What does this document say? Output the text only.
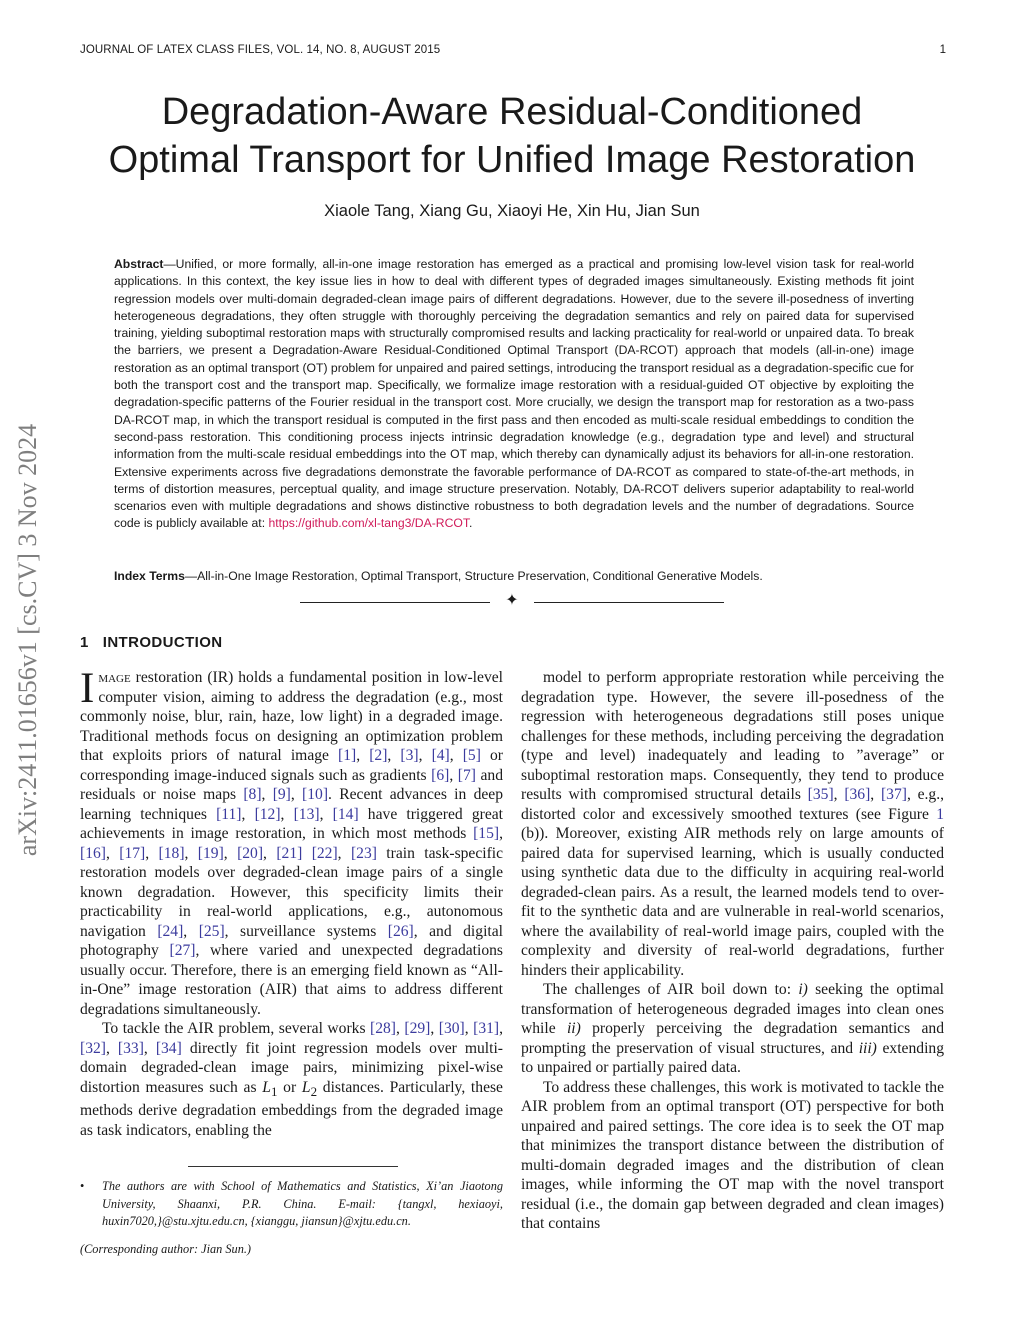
JOURNAL OF LATEX CLASS FILES, VOL. 14, NO. 8, AUGUST 2015	1
arXiv:2411.01656v1 [cs.CV] 3 Nov 2024
Degradation-Aware Residual-Conditioned
Optimal Transport for Unified Image Restoration
Xiaole Tang, Xiang Gu, Xiaoyi He, Xin Hu, Jian Sun

Abstract—Unified, or more formally, all-in-one image restoration has emerged as a practical and promising low-level vision task for real-world applications. In this context, the key issue lies in how to deal with different types of degraded images simultaneously. Existing methods fit joint regression models over multi-domain degraded-clean image pairs of different degradations. However, due to the severe ill-posedness of inverting heterogeneous degradations, they often struggle with thoroughly perceiving the degradation semantics and rely on paired data for supervised training, yielding suboptimal restoration maps with structurally compromised results and lacking practicality for real-world or unpaired data. To break the barriers, we present a Degradation-Aware Residual-Conditioned Optimal Transport (DA-RCOT) approach that models (all-in-one) image restoration as an optimal transport (OT) problem for unpaired and paired settings, introducing the transport residual as a degradation-specific cue for both the transport cost and the transport map. Specifically, we formalize image restoration with a residual-guided OT objective by exploiting the degradation-specific patterns of the Fourier residual in the transport cost. More crucially, we design the transport map for restoration as a two-pass DA-RCOT map, in which the transport residual is computed in the first pass and then encoded as multi-scale residual embeddings to condition the second-pass restoration. This conditioning process injects intrinsic degradation knowledge (e.g., degradation type and level) and structural information from the multi-scale residual embeddings into the OT map, which thereby can dynamically adjust its behaviors for all-in-one restoration. Extensive experiments across five degradations demonstrate the favorable performance of DA-RCOT as compared to state-of-the-art methods, in terms of distortion measures, perceptual quality, and image structure preservation. Notably, DA-RCOT delivers superior adaptability to real-world scenarios even with multiple degradations and shows distinctive robustness to both degradation levels and the number of degradations. Source code is publicly available at: https://github.com/xl-tang3/DA-RCOT.

Index Terms—All-in-One Image Restoration, Optimal Transport, Structure Preservation, Conditional Generative Models.

✦
1 INTRODUCTION

Image restoration (IR) holds a fundamental position in low-level computer vision, aiming to address the degradation (e.g., most commonly noise, blur, rain, haze, low light) in a degraded image. Traditional methods focus on designing an optimization problem that exploits priors of natural image [1], [2], [3], [4], [5] or corresponding image-induced signals such as gradients [6], [7] and residuals or noise maps [8], [9], [10]. Recent advances in deep learning techniques [11], [12], [13], [14] have triggered great achievements in image restoration, in which most methods [15], [16], [17], [18], [19], [20], [21] [22], [23] train task-specific restoration models over degraded-clean image pairs of a single known degradation. However, this specificity limits their practicability in real-world applications, e.g., autonomous navigation [24], [25], surveillance systems [26], and digital photography [27], where varied and unexpected degradations usually occur. Therefore, there is an emerging field known as “All-in-One” image restoration (AIR) that aims to address different degradations simultaneously.

To tackle the AIR problem, several works [28], [29], [30], [31], [32], [33], [34] directly fit joint regression models over multi-domain degraded-clean image pairs, minimizing pixel-wise distortion measures such as $L_1$ or $L_2$ distances. Particularly, these methods derive degradation embeddings from the degraded image as task indicators, enabling the

model to perform appropriate restoration while perceiving the degradation type. However, the severe ill-posedness of the regression with heterogeneous degradations still poses unique challenges for these methods, including perceiving the degradation (type and level) inadequately and leading to ”average” or suboptimal restoration maps. Consequently, they tend to produce results with compromised structural details [35], [36], [37], e.g., distorted color and excessively smoothed textures (see Figure 1 (b)). Moreover, existing AIR methods rely on large amounts of paired data for supervised learning, which is usually conducted using synthetic data due to the difficulty in acquiring real-world degraded-clean pairs. As a result, the learned models tend to over-fit to the synthetic data and are vulnerable in real-world scenarios, where the availability of real-world image pairs, coupled with the complexity and diversity of real-world degradations, further hinders their applicability.

The challenges of AIR boil down to: i) seeking the optimal transformation of heterogeneous degraded images into clean ones while ii) properly perceiving the degradation semantics and prompting the preservation of visual structures, and iii) extending to unpaired or partially paired data.

To address these challenges, this work is motivated to tackle the AIR problem from an optimal transport (OT) perspective for both unpaired and paired settings. The core idea is to seek the OT map that minimizes the transport distance between the distribution of multi-domain degraded images and the distribution of clean images, while informing the OT map with the novel transport residual (i.e., the domain gap between degraded and clean images) that contains

•	The authors are with School of Mathematics and Statistics, Xi’an Jiaotong University, Shaanxi, P.R. China. E-mail: {tangxl, hexiaoyi, huxin7020,}@stu.xjtu.edu.cn, {xianggu, jiansun}@xjtu.edu.cn.
(Corresponding author: Jian Sun.)
